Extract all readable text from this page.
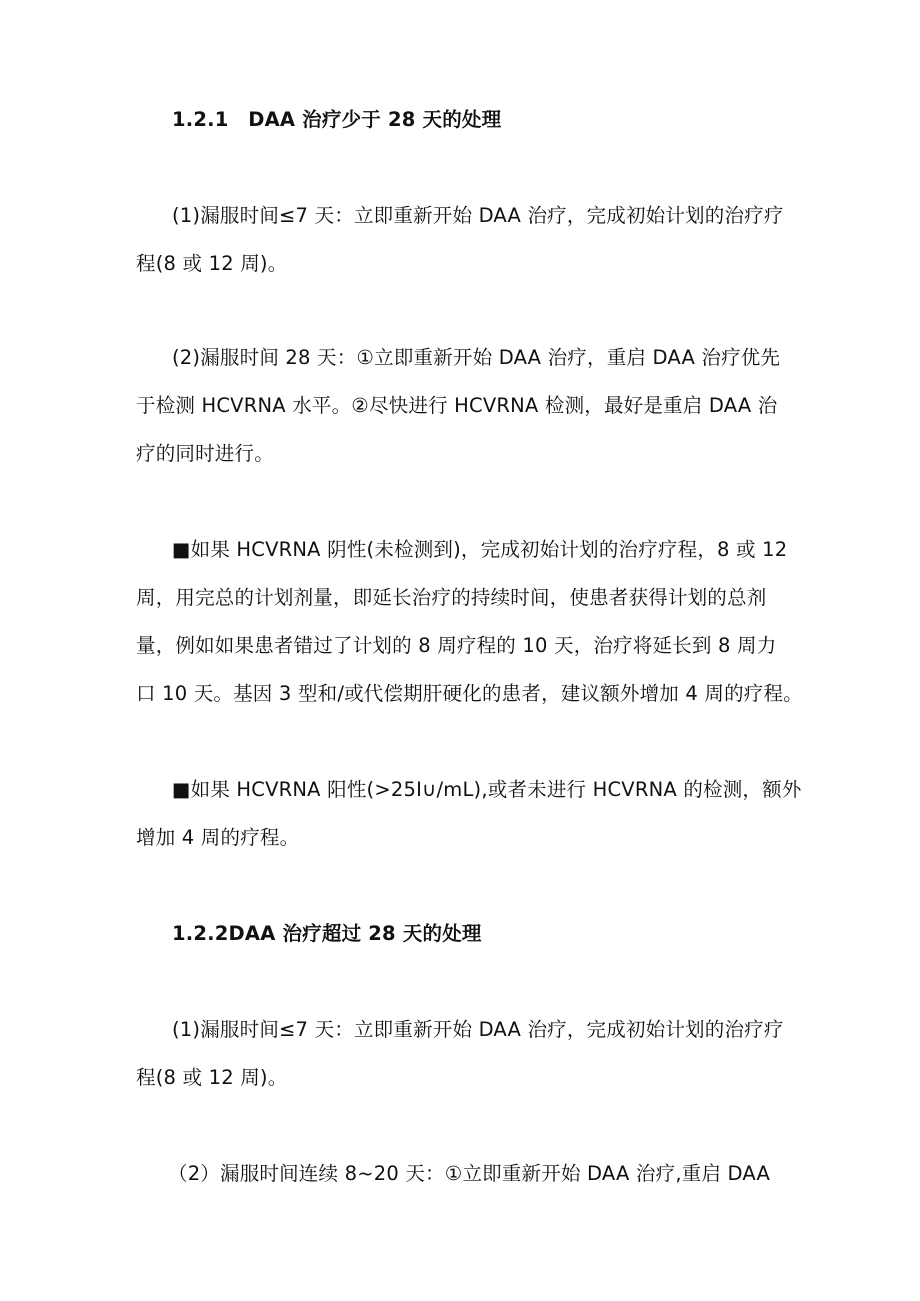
1.2.1　DAA 治疗少于 28 天的处理
(1)漏服时间≤7 天：立即重新开始 DAA 治疗，完成初始计划的治疗疗
程(8 或 12 周)。
(2)漏服时间 28 天：①立即重新开始 DAA 治疗，重启 DAA 治疗优先
于检测 HCVRNA 水平。②尽快进行 HCVRNA 检测，最好是重启 DAA 治
疗的同时进行。
■如果 HCVRNA 阴性(未检测到)，完成初始计划的治疗疗程，8 或 12
周，用完总的计划剂量，即延长治疗的持续时间，使患者获得计划的总剂
量，例如如果患者错过了计划的 8 周疗程的 10 天，治疗将延长到 8 周力
口 10 天。基因 3 型和/或代偿期肝硬化的患者，建议额外增加 4 周的疗程。
■如果 HCVRNA 阳性(>25I∪/mL),或者未进行 HCVRNA 的检测，额外
增加 4 周的疗程。
1.2.2DAA 治疗超过 28 天的处理
(1)漏服时间≤7 天：立即重新开始 DAA 治疗，完成初始计划的治疗疗
程(8 或 12 周)。
（2）漏服时间连续 8~20 天：①立即重新开始 DAA 治疗,重启 DAA
